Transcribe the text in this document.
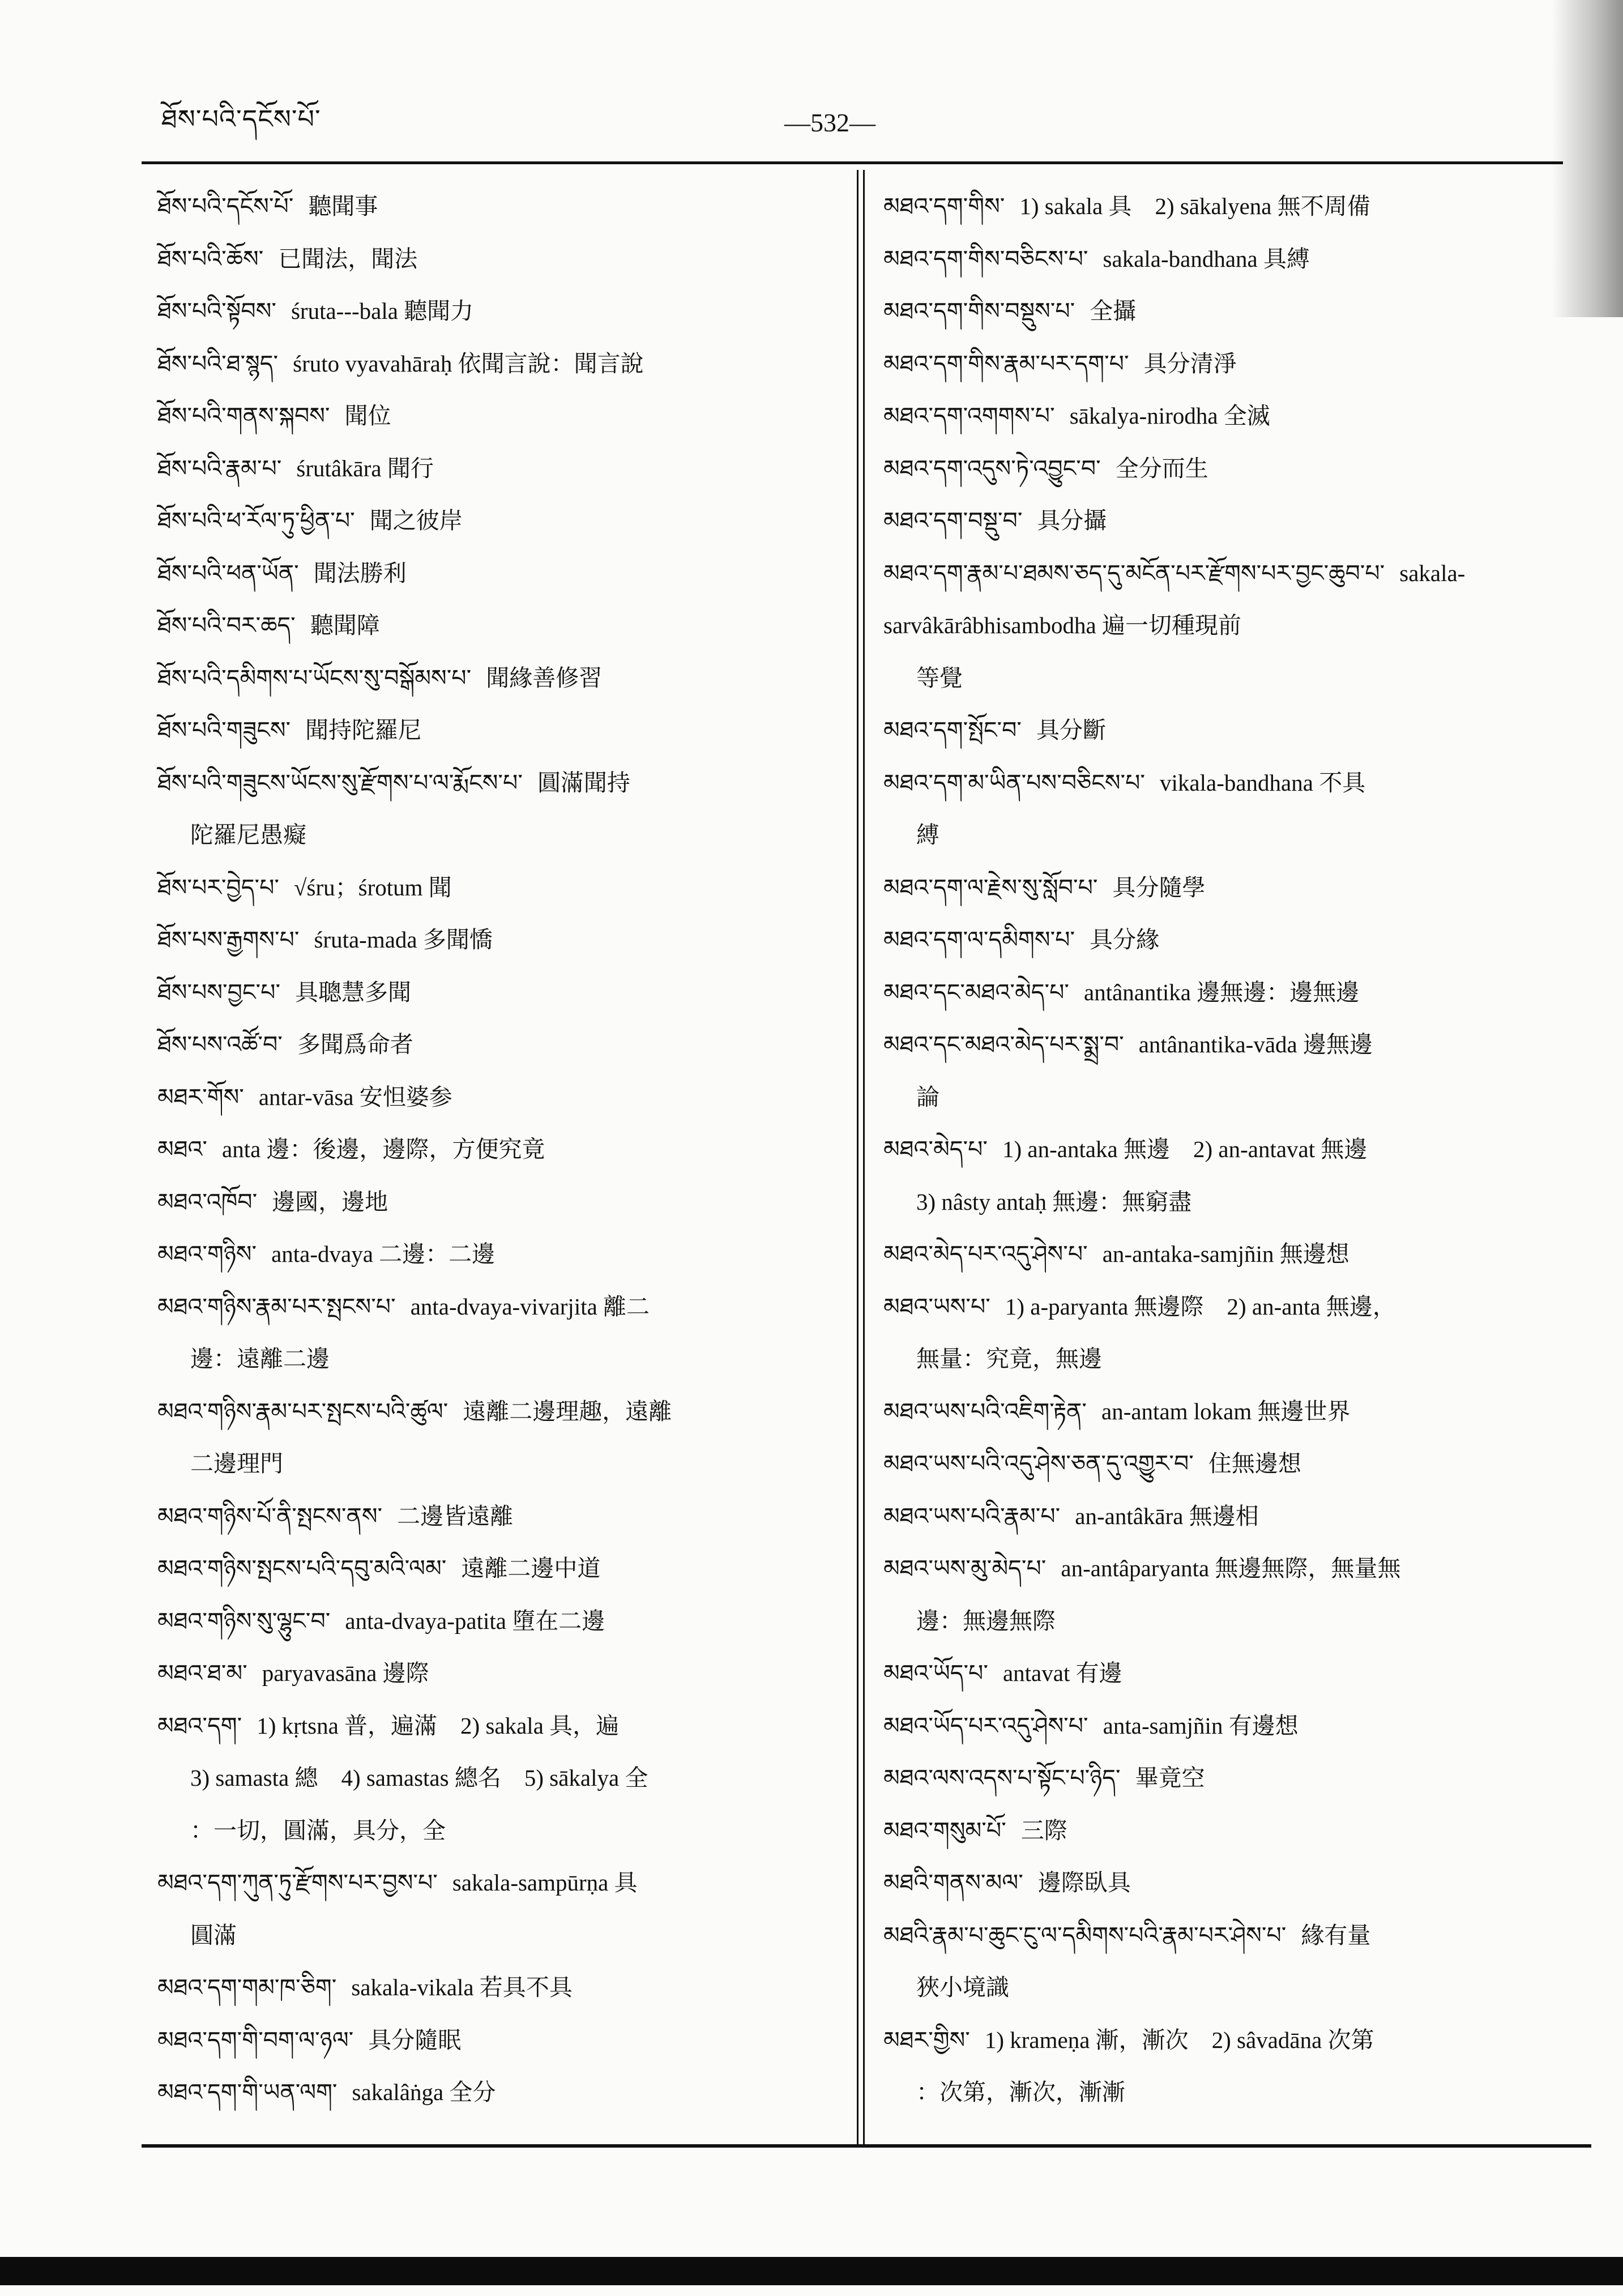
ཐོས་པའི་དངོས་པོ་	—532—
ཐོས་པའི་དངོས་པོ་ 聽聞事
ཐོས་པའི་ཆོས་ 已聞法，聞法
ཐོས་པའི་སྟོབས་ śruta---bala 聽聞力
ཐོས་པའི་ཐ་སྙད་ śruto vyavahāraḥ 依聞言說：聞言說
ཐོས་པའི་གནས་སྐབས་ 聞位
ཐོས་པའི་རྣམ་པ་ śrutâkāra 聞行
ཐོས་པའི་ཕ་རོལ་ཏུ་ཕྱིན་པ་ 聞之彼岸
ཐོས་པའི་ཕན་ཡོན་ 聞法勝利
ཐོས་པའི་བར་ཆད་ 聽聞障
ཐོས་པའི་དམིགས་པ་ཡོངས་སུ་བསྒོམས་པ་ 聞緣善修習
ཐོས་པའི་གཟུངས་ 聞持陀羅尼
ཐོས་པའི་གཟུངས་ཡོངས་སུ་རྫོགས་པ་ལ་རྨོངས་པ་ 圓滿聞持
陀羅尼愚癡
ཐོས་པར་བྱེད་པ་ √śru；śrotum 聞
ཐོས་པས་རྒྱགས་པ་ śruta-mada 多聞憍
ཐོས་པས་བྱང་པ་ 具聰慧多聞
ཐོས་པས་འཚོ་བ་ 多聞爲命者
མཐར་གོས་ antar-vāsa 安怛婆参
མཐའ་ anta 邊：後邊，邊際，方便究竟
མཐའ་འཁོབ་ 邊國，邊地
མཐའ་གཉིས་ anta-dvaya 二邊：二邊
མཐའ་གཉིས་རྣམ་པར་སྤངས་པ་ anta-dvaya-vivarjita 離二
邊：遠離二邊
མཐའ་གཉིས་རྣམ་པར་སྤངས་པའི་ཚུལ་ 遠離二邊理趣，遠離
二邊理門
མཐའ་གཉིས་པོ་ནི་སྤངས་ནས་ 二邊皆遠離
མཐའ་གཉིས་སྤངས་པའི་དབུ་མའི་ལམ་ 遠離二邊中道
མཐའ་གཉིས་སུ་ལྷུང་བ་ anta-dvaya-patita 墮在二邊
མཐའ་ཐ་མ་ paryavasāna 邊際
མཐའ་དག་ 1) kṛtsna 普，遍滿　2) sakala 具，遍
3) samasta 總　4) samastas 總名　5) sākalya 全
：一切，圓滿，具分，全
མཐའ་དག་ཀུན་ཏུ་རྫོགས་པར་བྱས་པ་ sakala-sampūrṇa 具
圓滿
མཐའ་དག་གམ་ཁ་ཅིག་ sakala-vikala 若具不具
མཐའ་དག་གི་བག་ལ་ཉལ་ 具分隨眠
མཐའ་དག་གི་ཡན་ལག་ sakalâṅga 全分
མཐའ་དག་གིས་ 1) sakala 具　2) sākalyena 無不周備
མཐའ་དག་གིས་བཅིངས་པ་ sakala-bandhana 具縛
མཐའ་དག་གིས་བསྡུས་པ་ 全攝
མཐའ་དག་གིས་རྣམ་པར་དག་པ་ 具分清淨
མཐའ་དག་འགགས་པ་ sākalya-nirodha 全滅
མཐའ་དག་འདུས་ཏེ་འབྱུང་བ་ 全分而生
མཐའ་དག་བསྡུ་བ་ 具分攝
མཐའ་དག་རྣམ་པ་ཐམས་ཅད་དུ་མངོན་པར་རྫོགས་པར་བྱང་ཆུབ་པ་ sakala-sarvâkārâbhisambodha 遍一切種現前
等覺
མཐའ་དག་སྤོང་བ་ 具分斷
མཐའ་དག་མ་ཡིན་པས་བཅིངས་པ་ vikala-bandhana 不具
縛
མཐའ་དག་ལ་རྗེས་སུ་སློབ་པ་ 具分隨學
མཐའ་དག་ལ་དམིགས་པ་ 具分緣
མཐའ་དང་མཐའ་མེད་པ་ antânantika 邊無邊：邊無邊
མཐའ་དང་མཐའ་མེད་པར་སྨྲ་བ་ antânantika-vāda 邊無邊
論
མཐའ་མེད་པ་ 1) an-antaka 無邊　2) an-antavat 無邊
3) nâsty antaḥ 無邊：無窮盡
མཐའ་མེད་པར་འདུ་ཤེས་པ་ an-antaka-samjñin 無邊想
མཐའ་ཡས་པ་ 1) a-paryanta 無邊際　2) an-anta 無邊，
無量：究竟，無邊
མཐའ་ཡས་པའི་འཇིག་རྟེན་ an-antam lokam 無邊世界
མཐའ་ཡས་པའི་འདུ་ཤེས་ཅན་དུ་འགྱུར་བ་ 住無邊想
མཐའ་ཡས་པའི་རྣམ་པ་ an-antâkāra 無邊相
མཐའ་ཡས་མུ་མེད་པ་ an-antâparyanta 無邊無際，無量無
邊：無邊無際
མཐའ་ཡོད་པ་ antavat 有邊
མཐའ་ཡོད་པར་འདུ་ཤེས་པ་ anta-samjñin 有邊想
མཐའ་ལས་འདས་པ་སྟོང་པ་ཉིད་ 畢竟空
མཐའ་གསུམ་པོ་ 三際
མཐའི་གནས་མལ་ 邊際臥具
མཐའི་རྣམ་པ་ཆུང་ངུ་ལ་དམིགས་པའི་རྣམ་པར་ཤེས་པ་ 緣有量
狹小境識
མཐར་གྱིས་ 1) krameṇa 漸，漸次　2) sâvadāna 次第
：次第，漸次，漸漸
